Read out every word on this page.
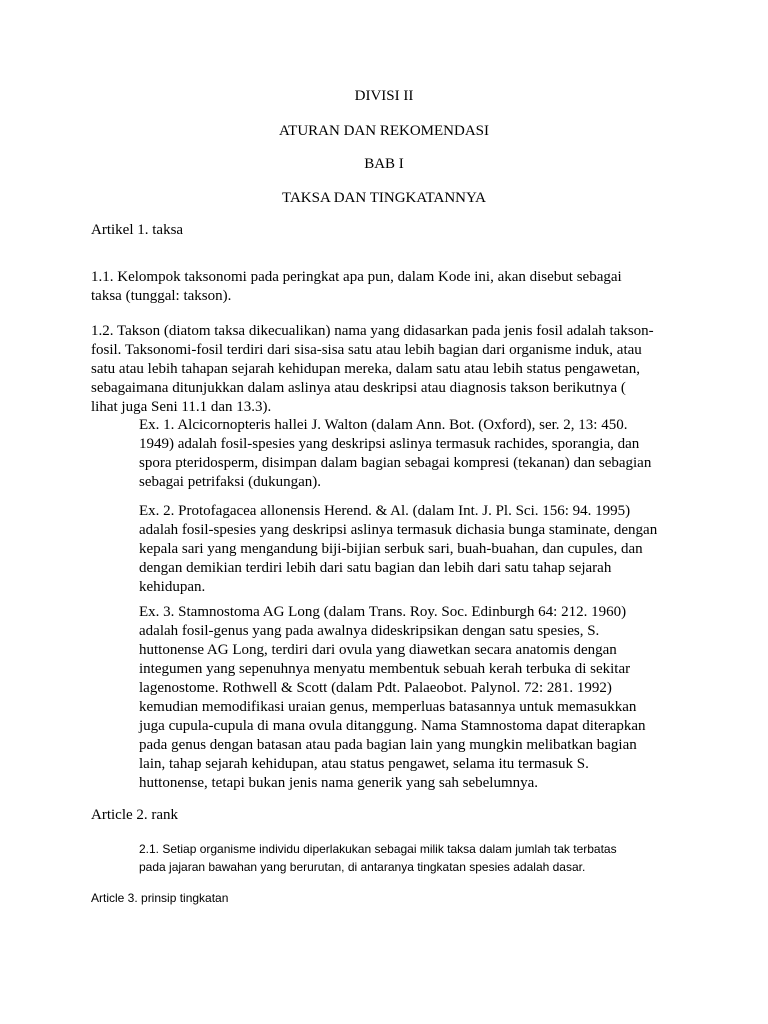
DIVISI II
ATURAN DAN REKOMENDASI
BAB I
TAKSA DAN TINGKATANNYA
Artikel 1. taksa
1.1. Kelompok taksonomi pada peringkat apa pun, dalam Kode ini, akan disebut sebagai
taksa (tunggal: takson).
1.2. Takson (diatom taksa dikecualikan) nama yang didasarkan pada jenis fosil adalah takson-
fosil. Taksonomi-fosil terdiri dari sisa-sisa satu atau lebih bagian dari organisme induk, atau
satu atau lebih tahapan sejarah kehidupan mereka, dalam satu atau lebih status pengawetan,
sebagaimana ditunjukkan dalam aslinya atau deskripsi atau diagnosis takson berikutnya (
lihat juga Seni 11.1 dan 13.3).
Ex. 1. Alcicornopteris hallei J. Walton (dalam Ann. Bot. (Oxford), ser. 2, 13: 450.
1949) adalah fosil-spesies yang deskripsi aslinya termasuk rachides, sporangia, dan
spora pteridosperm, disimpan dalam bagian sebagai kompresi (tekanan) dan sebagian
sebagai petrifaksi (dukungan).
Ex. 2. Protofagacea allonensis Herend. & Al. (dalam Int. J. Pl. Sci. 156: 94. 1995)
adalah fosil-spesies yang deskripsi aslinya termasuk dichasia bunga staminate, dengan
kepala sari yang mengandung biji-bijian serbuk sari, buah-buahan, dan cupules, dan
dengan demikian terdiri lebih dari satu bagian dan lebih dari satu tahap sejarah
kehidupan.
Ex. 3. Stamnostoma AG Long (dalam Trans. Roy. Soc. Edinburgh 64: 212. 1960)
adalah fosil-genus yang pada awalnya dideskripsikan dengan satu spesies, S.
huttonense AG Long, terdiri dari ovula yang diawetkan secara anatomis dengan
integumen yang sepenuhnya menyatu membentuk sebuah kerah terbuka di sekitar
lagenostome. Rothwell & Scott (dalam Pdt. Palaeobot. Palynol. 72: 281. 1992)
kemudian memodifikasi uraian genus, memperluas batasannya untuk memasukkan
juga cupula-cupula di mana ovula ditanggung. Nama Stamnostoma dapat diterapkan
pada genus dengan batasan atau pada bagian lain yang mungkin melibatkan bagian
lain, tahap sejarah kehidupan, atau status pengawet, selama itu termasuk S.
huttonense, tetapi bukan jenis nama generik yang sah sebelumnya.
Article 2. rank
2.1. Setiap organisme individu diperlakukan sebagai milik taksa dalam jumlah tak terbatas
pada jajaran bawahan yang berurutan, di antaranya tingkatan spesies adalah dasar.
Article 3. prinsip tingkatan
